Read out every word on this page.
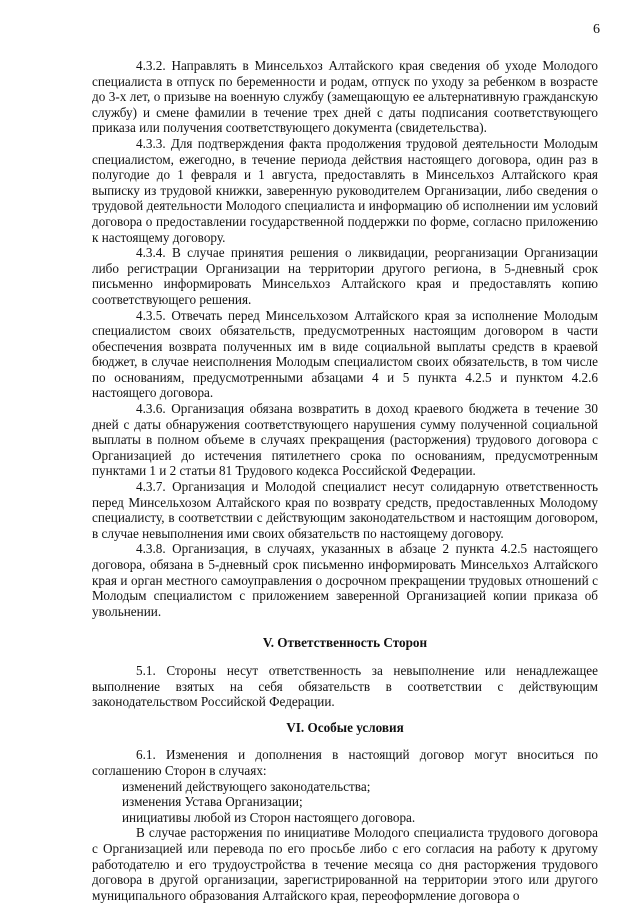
6

4.3.2. Направлять в Минсельхоз Алтайского края сведения об уходе Молодого специалиста в отпуск по беременности и родам, отпуск по уходу за ребенком в возрасте до 3-х лет, о призыве на военную службу (замещающую ее альтернативную гражданскую службу) и смене фамилии в течение трех дней с даты подписания соответствующего приказа или получения соответствующего документа (свидетельства).

4.3.3. Для подтверждения факта продолжения трудовой деятельности Молодым специалистом, ежегодно, в течение периода действия настоящего договора, один раз в полугодие до 1 февраля и 1 августа, предоставлять в Минсельхоз Алтайского края выписку из трудовой книжки, заверенную руководителем Организации, либо сведения о трудовой деятельности Молодого специалиста и информацию об исполнении им условий договора о предоставлении государственной поддержки по форме, согласно приложению к настоящему договору.

4.3.4. В случае принятия решения о ликвидации, реорганизации Организации либо регистрации Организации на территории другого региона, в 5-дневный срок письменно информировать Минсельхоз Алтайского края и предоставлять копию соответствующего решения.

4.3.5. Отвечать перед Минсельхозом Алтайского края за исполнение Молодым специалистом своих обязательств, предусмотренных настоящим договором в части обеспечения возврата полученных им в виде социальной выплаты средств в краевой бюджет, в случае неисполнения Молодым специалистом своих обязательств, в том числе по основаниям, предусмотренными абзацами 4 и 5 пункта 4.2.5 и пунктом 4.2.6 настоящего договора.

4.3.6. Организация обязана возвратить в доход краевого бюджета в течение 30 дней с даты обнаружения соответствующего нарушения сумму полученной социальной выплаты в полном объеме в случаях прекращения (расторжения) трудового договора с Организацией до истечения пятилетнего срока по основаниям, предусмотренным пунктами 1 и 2 статьи 81 Трудового кодекса Российской Федерации.

4.3.7. Организация и Молодой специалист несут солидарную ответственность перед Минсельхозом Алтайского края по возврату средств, предоставленных Молодому специалисту, в соответствии с действующим законодательством и настоящим договором, в случае невыполнения ими своих обязательств по настоящему договору.

4.3.8. Организация, в случаях, указанных в абзаце 2 пункта 4.2.5 настоящего договора, обязана в 5-дневный срок письменно информировать Минсельхоз Алтайского края и орган местного самоуправления о досрочном прекращении трудовых отношений с Молодым специалистом с приложением заверенной Организацией копии приказа об увольнении.

V. Ответственность Сторон

5.1. Стороны несут ответственность за невыполнение или ненадлежащее выполнение взятых на себя обязательств в соответствии с действующим законодательством Российской Федерации.

VI. Особые условия

6.1. Изменения и дополнения в настоящий договор могут вноситься по соглашению Сторон в случаях:

изменений действующего законодательства;

изменения Устава Организации;

инициативы любой из Сторон настоящего договора.

В случае расторжения по инициативе Молодого специалиста трудового договора с Организацией или перевода по его просьбе либо с его согласия на работу к другому работодателю и его трудоустройства в течение месяца со дня расторжения трудового договора в другой организации, зарегистрированной на территории этого или другого муниципального образования Алтайского края, переоформление договора о
